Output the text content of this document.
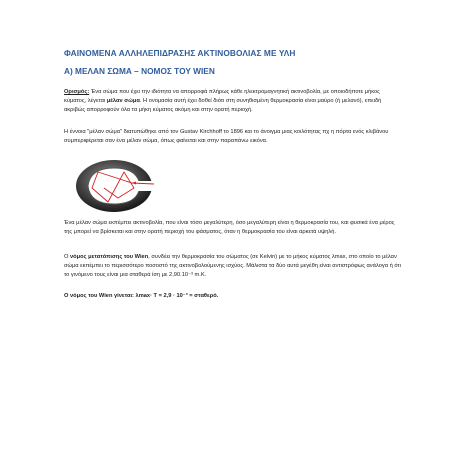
ΦΑΙΝΟΜΕΝΑ ΑΛΛΗΛΕΠΙΔΡΑΣΗΣ ΑΚΤΙΝΟΒΟΛΙΑΣ ΜΕ ΥΛΗ
Α) ΜΕΛΑΝ ΣΩΜΑ – ΝΟΜΟΣ ΤΟΥ WIEN
Ορισμός: Ένα σώμα που έχει την ιδιότητα να απορροφά πλήρως κάθε ηλεκτρομαγνητική ακτινοβολία, με οποιοδήποτε μήκος κύματος, λέγεται μέλαν σώμα. Η ονομασία αυτή έχει δοθεί διότι στη συνηθισμένη θερμοκρασία είναι μαύρο (ή μελανό), επειδή ακριβώς απορροφούν όλα τα μήκη κύματος ακόμη και στην ορατή περιοχή.
Η έννοια "μέλαν σώμα" διατυπώθηκε από τον Gustav Kirchhoff το 1896 και το άνοιγμα μιας κοιλότητας πχ η πόρτα ενός κλιβάνου συμπεριφέρεται σαν ένα μέλαν σώμα, όπως φαίνεται και στην παραπάνω εικόνα.
Ένα μέλαν σώμα εκπέμπει ακτινοβολία, που είναι τόσο μεγαλύτερη, όσο μεγαλύτερη είναι η θερμοκρασία του, και φυσικά ένα μέρος της μπορεί να βρίσκεται και στην ορατή περιοχή του φάσματος, όταν η θερμοκρασία του είναι αρκετά υψηλή.
Ο νόμος μετατόπισης του Wien, συνδέει την θερμοκρασία του σώματος (σε Kelvin) με το μήκος κύματος λmax, στο οποίο το μέλαν σώμα εκπέμπει το περισσότερο ποσοστό της ακτινοβολούμενης ισχύος. Μάλιστα τα δύο αυτά μεγέθη είναι αντιστρόφως ανάλογα ή ότι το γινόμενο τους είναι μια σταθερά ίση με 2,90.10⁻³ m.K.
Ο νόμος του Wien γίνεται: λmax· T = 2,9 · 10⁻³ = σταθερό.
